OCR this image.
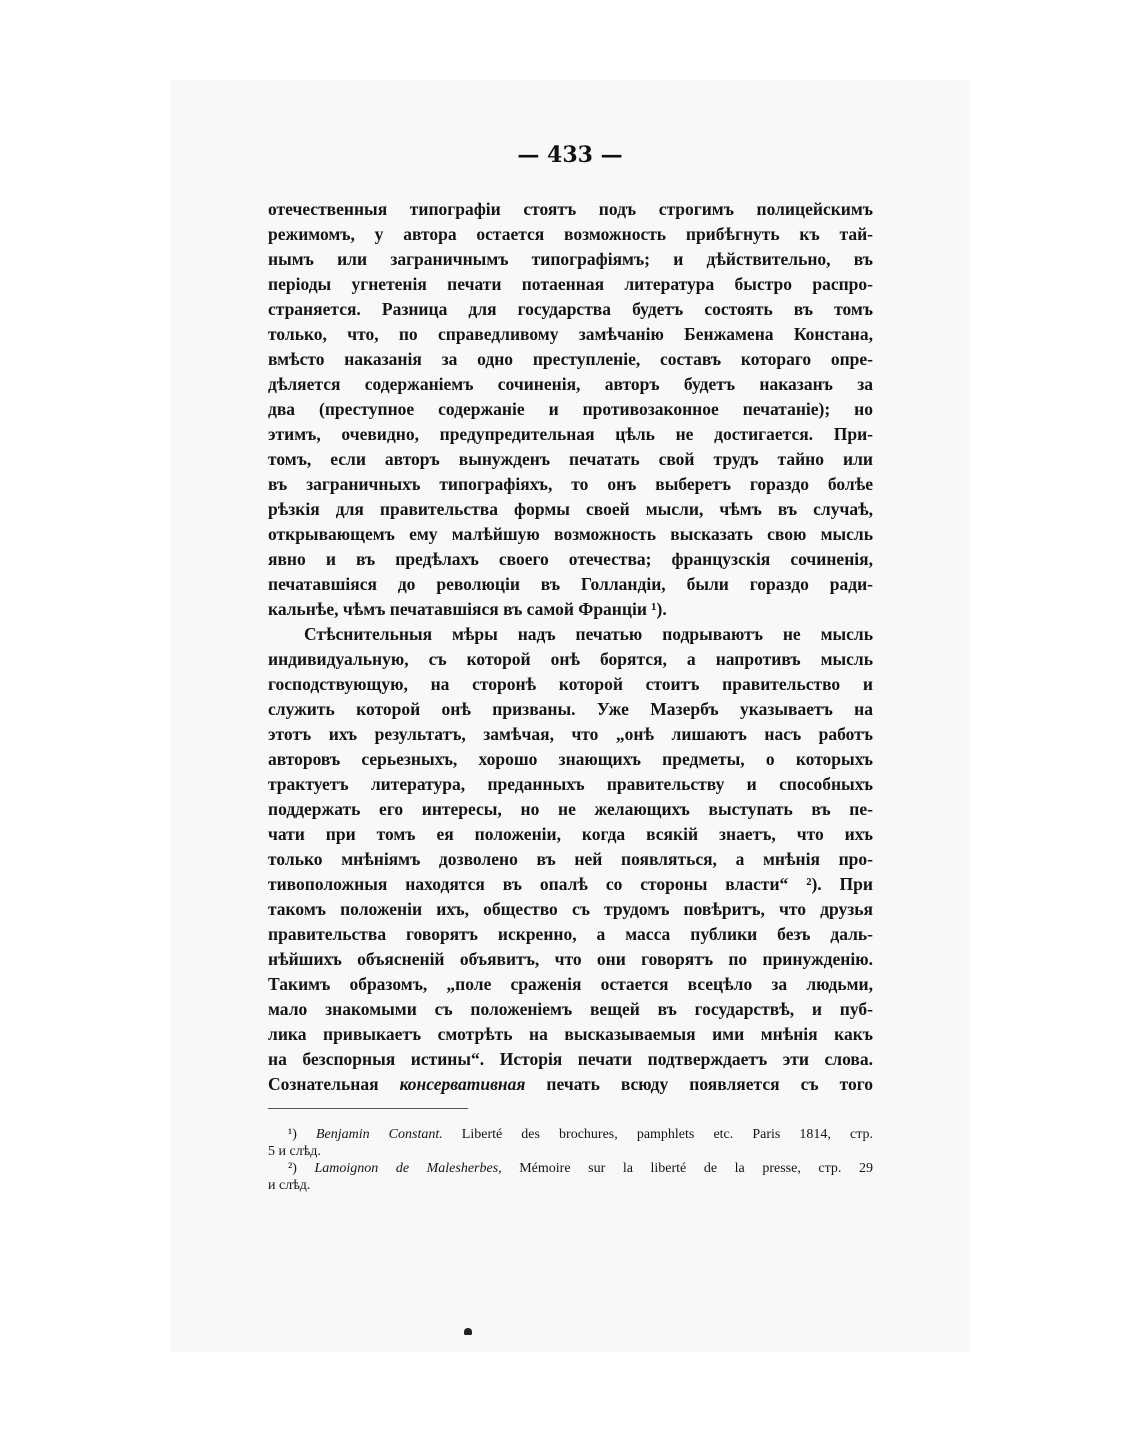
— 433 —
отечественныя типографіи стоятъ подъ строгимъ полицейскимъ
режимомъ, у автора остается возможность прибѣгнуть къ тай-
нымъ или заграничнымъ типографіямъ; и дѣйствительно, въ
періоды угнетенія печати потаенная литература быстро распро-
страняется. Разница для государства будетъ состоять въ томъ
только, что, по справедливому замѣчанію Бенжамена Констана,
вмѣсто наказанія за одно преступленіе, составъ котораго опре-
дѣляется содержаніемъ сочиненія, авторъ будетъ наказанъ за
два (преступное содержаніе и противозаконное печатаніе); но
этимъ, очевидно, предупредительная цѣль не достигается. При-
томъ, если авторъ вынужденъ печатать свой трудъ тайно или
въ заграничныхъ типографіяхъ, то онъ выберетъ гораздо болѣе
рѣзкія для правительства формы своей мысли, чѣмъ въ случаѣ,
открывающемъ ему малѣйшую возможность высказать свою мысль
явно и въ предѣлахъ своего отечества; французскія сочиненія,
печатавшіяся до революціи въ Голландіи, были гораздо ради-
кальнѣе, чѣмъ печатавшіяся въ самой Франціи ¹).
Стѣснительныя мѣры надъ печатью подрываютъ не мысль
индивидуальную, съ которой онѣ борятся, а напротивъ мысль
господствующую, на сторонѣ которой стоитъ правительство и
служить которой онѣ призваны. Уже Мазербъ указываетъ на
этотъ ихъ результатъ, замѣчая, что „онѣ лишаютъ насъ работъ
авторовъ серьезныхъ, хорошо знающихъ предметы, о которыхъ
трактуетъ литература, преданныхъ правительству и способныхъ
поддержать его интересы, но не желающихъ выступать въ пе-
чати при томъ ея положеніи, когда всякій знаетъ, что ихъ
только мнѣніямъ дозволено въ ней появляться, а мнѣнія про-
тивоположныя находятся въ опалѣ со стороны власти“ ²). При
такомъ положеніи ихъ, общество съ трудомъ повѣритъ, что друзья
правительства говорятъ искренно, а масса публики безъ даль-
нѣйшихъ объясненій объявитъ, что они говорятъ по принужденію.
Такимъ образомъ, „поле сраженія остается всецѣло за людьми,
мало знакомыми съ положеніемъ вещей въ государствѣ, и пуб-
лика привыкаетъ смотрѣть на высказываемыя ими мнѣнія какъ
на безспорныя истины“. Исторія печати подтверждаетъ эти слова.
Сознательная консервативная печать всюду появляется съ того
¹) Benjamin Constant. Liberté des brochures, pamphlets etc. Paris 1814, стр.
5 и слѣд.
²) Lamoignon de Malesherbes, Mémoire sur la liberté de la presse, стр. 29
и слѣд.
